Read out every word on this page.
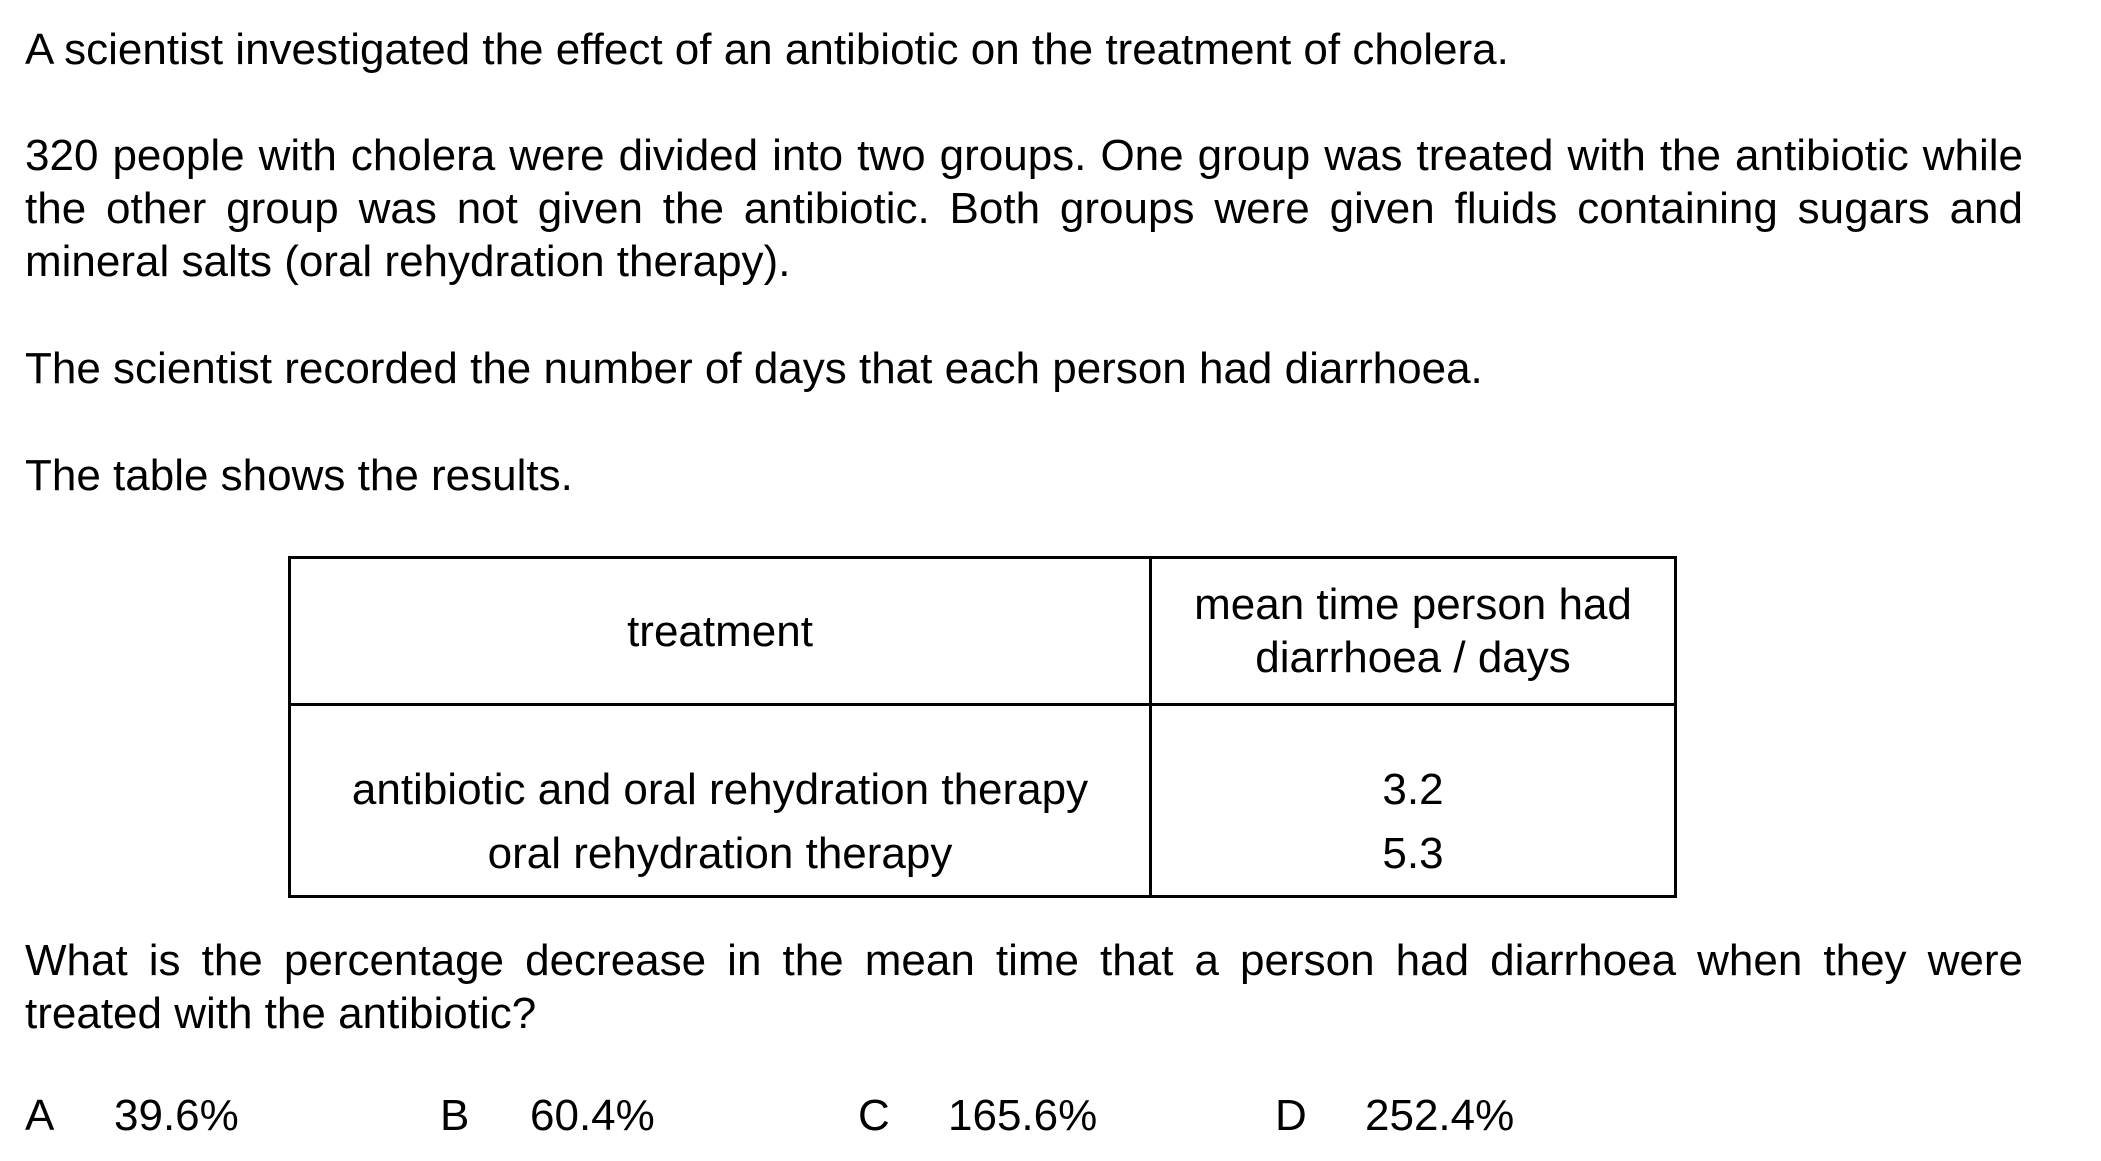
A scientist investigated the effect of an antibiotic on the treatment of cholera.

320 people with cholera were divided into two groups. One group was treated with the antibiotic while the other group was not given the antibiotic. Both groups were given fluids containing sugars and mineral salts (oral rehydration therapy).

The scientist recorded the number of days that each person had diarrhoea.

The table shows the results.

treatment	mean time person had
diarrhoea / days

antibiotic and oral rehydration therapy	3.2
oral rehydration therapy	5.3

What is the percentage decrease in the mean time that a person had diarrhoea when they were treated with the antibiotic?

A 39.6%	B 60.4%	C 165.6%	D 252.4%
